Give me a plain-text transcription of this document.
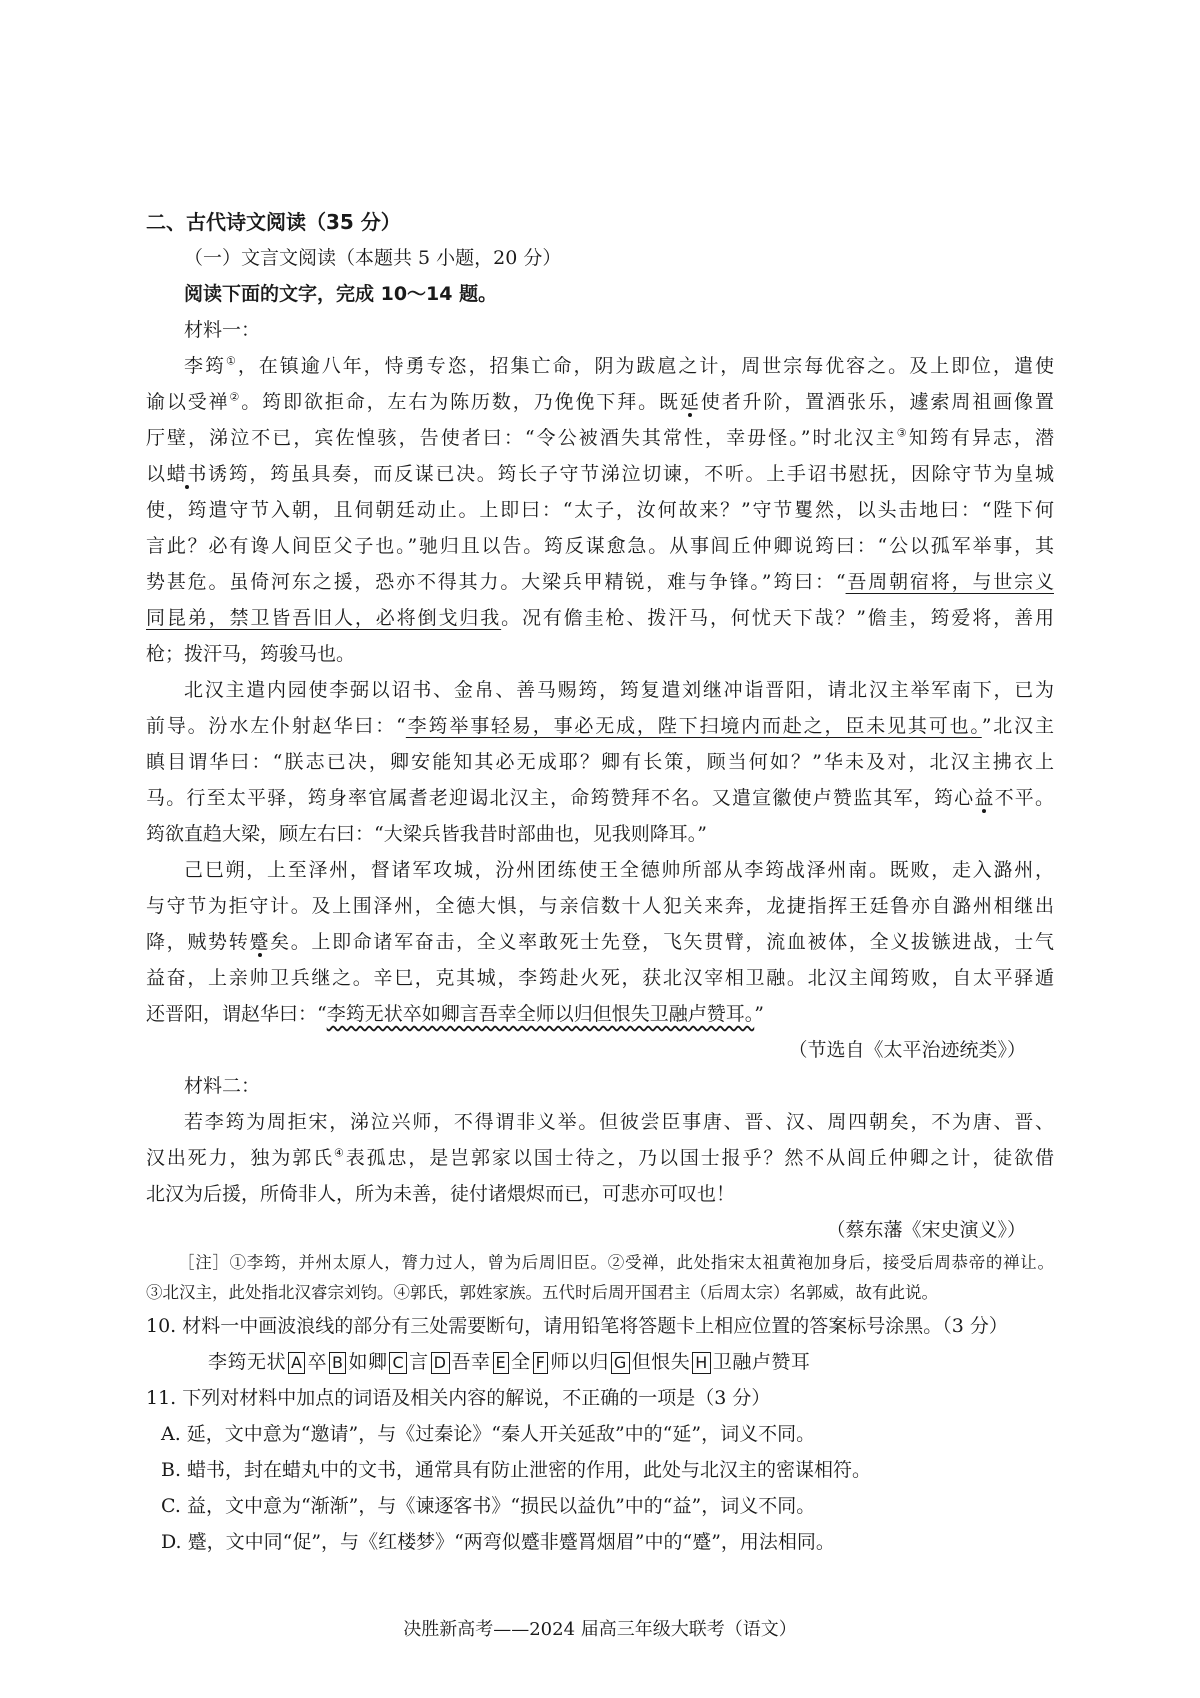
二、古代诗文阅读（35 分）
（一）文言文阅读（本题共 5 小题，20 分）
阅读下面的文字，完成 10～14 题。
材料一：
李筠①，在镇逾八年，恃勇专恣，招集亡命，阴为跋扈之计，周世宗每优容之。及上即位，遣使
谕以受禅②。筠即欲拒命，左右为陈历数，乃俛俛下拜。既延使者升阶，置酒张乐，遽索周祖画像置
厅壁，涕泣不已，宾佐惶骇，告使者曰：“令公被酒失其常性，幸毋怪。”时北汉主③知筠有异志，潜
以蜡书诱筠，筠虽具奏，而反谋已决。筠长子守节涕泣切谏，不听。上手诏书慰抚，因除守节为皇城
使，筠遣守节入朝，且伺朝廷动止。上即曰：“太子，汝何故来？”守节矍然，以头击地曰：“陛下何
言此？必有谗人间臣父子也。”驰归且以告。筠反谋愈急。从事闾丘仲卿说筠曰：“公以孤军举事，其
势甚危。虽倚河东之援，恐亦不得其力。大梁兵甲精锐，难与争锋。”筠曰：“吾周朝宿将，与世宗义
同昆弟，禁卫皆吾旧人，必将倒戈归我。况有儋圭枪、拨汗马，何忧天下哉？”儋圭，筠爱将，善用
枪；拨汗马，筠骏马也。
北汉主遣内园使李弼以诏书、金帛、善马赐筠，筠复遣刘继冲诣晋阳，请北汉主举军南下，已为
前导。汾水左仆射赵华曰：“李筠举事轻易，事必无成，陛下扫境内而赴之，臣未见其可也。”北汉主
瞋目谓华曰：“朕志已决，卿安能知其必无成耶？卿有长策，顾当何如？”华未及对，北汉主拂衣上
马。行至太平驿，筠身率官属耆老迎谒北汉主，命筠赞拜不名。又遣宣徽使卢赞监其军，筠心益不平。
筠欲直趋大梁，顾左右曰：“大梁兵皆我昔时部曲也，见我则降耳。”
己巳朔，上至泽州，督诸军攻城，汾州团练使王全德帅所部从李筠战泽州南。既败，走入潞州，
与守节为拒守计。及上围泽州，全德大惧，与亲信数十人犯关来奔，龙捷指挥王廷鲁亦自潞州相继出
降，贼势转蹙矣。上即命诸军奋击，全义率敢死士先登，飞矢贯臂，流血被体，全义拔镞进战，士气
益奋，上亲帅卫兵继之。辛巳，克其城，李筠赴火死，获北汉宰相卫融。北汉主闻筠败，自太平驿遁
还晋阳，谓赵华曰：“李筠无状卒如卿言吾幸全师以归但恨失卫融卢赞耳。”
（节选自《太平治迹统类》）
材料二：
若李筠为周拒宋，涕泣兴师，不得谓非义举。但彼尝臣事唐、晋、汉、周四朝矣，不为唐、晋、
汉出死力，独为郭氏④表孤忠，是岂郭家以国士待之，乃以国士报乎？然不从闾丘仲卿之计，徒欲借
北汉为后援，所倚非人，所为未善，徒付诸煨烬而已，可悲亦可叹也！
（蔡东藩《宋史演义》）
［注］①李筠，并州太原人，膂力过人，曾为后周旧臣。②受禅，此处指宋太祖黄袍加身后，接受后周恭帝的禅让。
③北汉主，此处指北汉睿宗刘钧。④郭氏，郭姓家族。五代时后周开国君主（后周太宗）名郭威，故有此说。
10. 材料一中画波浪线的部分有三处需要断句，请用铅笔将答题卡上相应位置的答案标号涂黑。（3 分）
李筠无状 A 卒 B 如卿 C 言 D 吾幸 E 全 F 师以归 G 但恨失 H 卫融卢赞耳
11. 下列对材料中加点的词语及相关内容的解说，不正确的一项是（3 分）
A. 延，文中意为“邀请”，与《过秦论》“秦人开关延敌”中的“延”，词义不同。
B. 蜡书，封在蜡丸中的文书，通常具有防止泄密的作用，此处与北汉主的密谋相符。
C. 益，文中意为“渐渐”，与《谏逐客书》“损民以益仇”中的“益”，词义不同。
D. 蹙，文中同“促”，与《红楼梦》“两弯似蹙非蹙罥烟眉”中的“蹙”，用法相同。
决胜新高考——2024 届高三年级大联考（语文）
